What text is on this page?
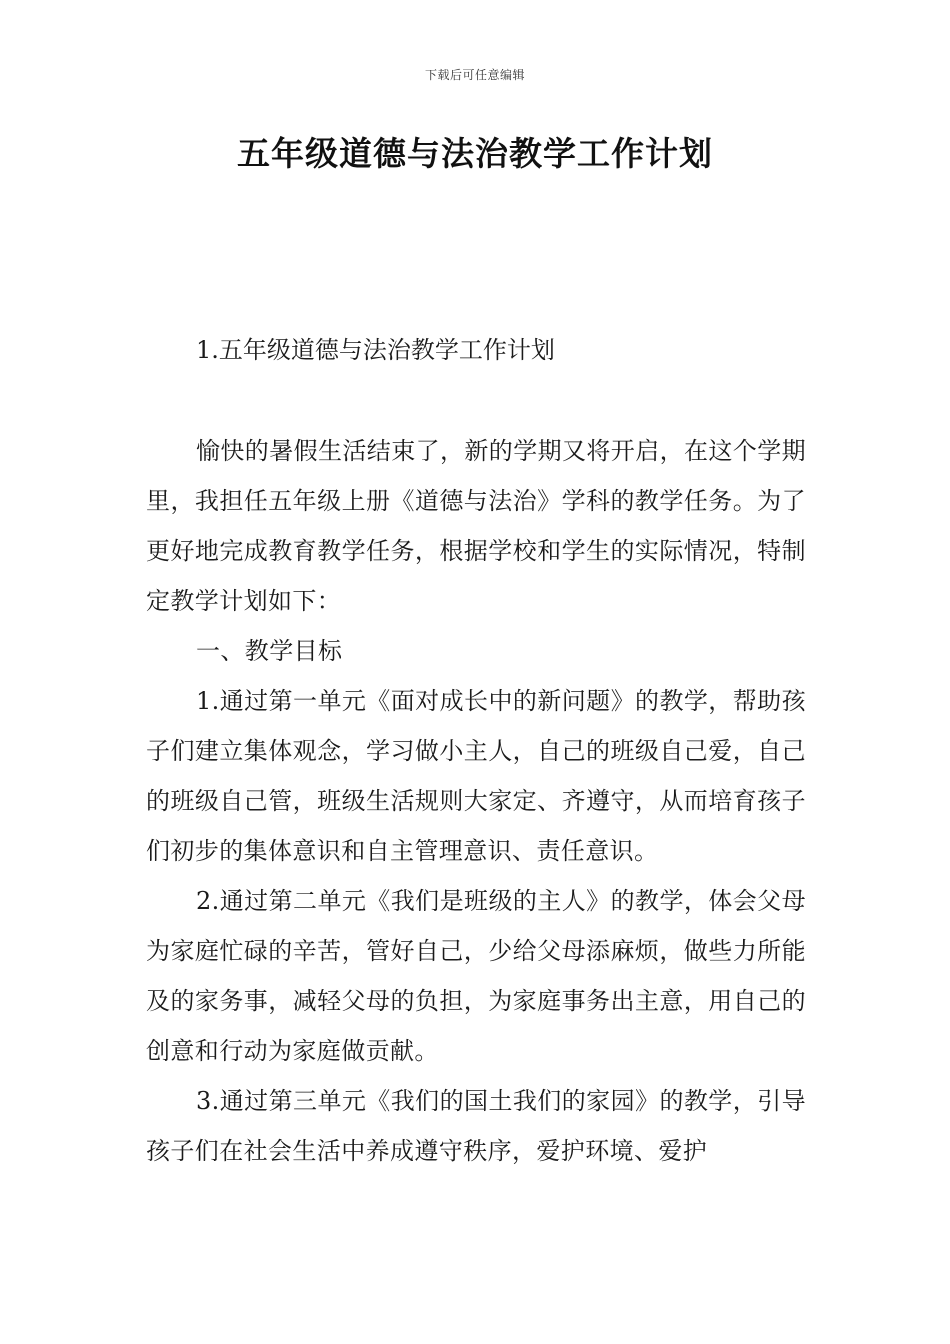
下载后可任意编辑
五年级道德与法治教学工作计划

1.五年级道德与法治教学工作计划

愉快的暑假生活结束了，新的学期又将开启，在这个学期里，我担任五年级上册《道德与法治》学科的教学任务。为了更好地完成教育教学任务，根据学校和学生的实际情况，特制定教学计划如下：

一、教学目标

1.通过第一单元《面对成长中的新问题》的教学，帮助孩子们建立集体观念，学习做小主人，自己的班级自己爱，自己的班级自己管，班级生活规则大家定、齐遵守，从而培育孩子们初步的集体意识和自主管理意识、责任意识。

2.通过第二单元《我们是班级的主人》的教学，体会父母为家庭忙碌的辛苦，管好自己，少给父母添麻烦，做些力所能及的家务事，减轻父母的负担，为家庭事务出主意，用自己的创意和行动为家庭做贡献。

3.通过第三单元《我们的国土我们的家园》的教学，引导孩子们在社会生活中养成遵守秩序，爱护环境、爱护
